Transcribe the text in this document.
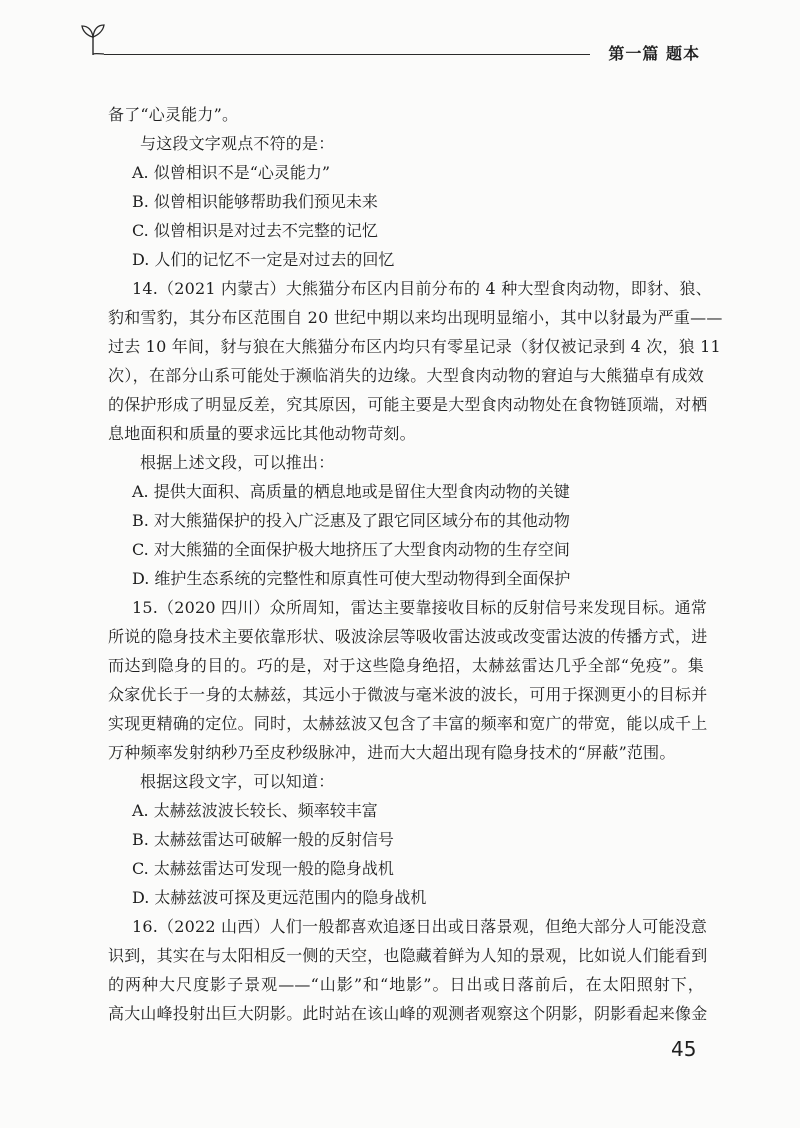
第一篇 题本

备了“心灵能力”。

与这段文字观点不符的是：

A. 似曾相识不是“心灵能力”
B. 似曾相识能够帮助我们预见未来
C. 似曾相识是对过去不完整的记忆
D. 人们的记忆不一定是对过去的回忆
14.（2021 内蒙古）大熊猫分布区内目前分布的 4 种大型食肉动物，即豺、狼、
豹和雪豹，其分布区范围自 20 世纪中期以来均出现明显缩小，其中以豺最为严重——
过去 10 年间，豺与狼在大熊猫分布区内均只有零星记录（豺仅被记录到 4 次，狼 11
次），在部分山系可能处于濒临消失的边缘。大型食肉动物的窘迫与大熊猫卓有成效
的保护形成了明显反差，究其原因，可能主要是大型食肉动物处在食物链顶端，对栖
息地面积和质量的要求远比其他动物苛刻。

根据上述文段，可以推出：

A. 提供大面积、高质量的栖息地或是留住大型食肉动物的关键
B. 对大熊猫保护的投入广泛惠及了跟它同区域分布的其他动物
C. 对大熊猫的全面保护极大地挤压了大型食肉动物的生存空间
D. 维护生态系统的完整性和原真性可使大型动物得到全面保护
15.（2020 四川）众所周知，雷达主要靠接收目标的反射信号来发现目标。通常
所说的隐身技术主要依靠形状、吸波涂层等吸收雷达波或改变雷达波的传播方式，进
而达到隐身的目的。巧的是，对于这些隐身绝招，太赫兹雷达几乎全部“免疫”。集
众家优长于一身的太赫兹，其远小于微波与毫米波的波长，可用于探测更小的目标并
实现更精确的定位。同时，太赫兹波又包含了丰富的频率和宽广的带宽，能以成千上
万种频率发射纳秒乃至皮秒级脉冲，进而大大超出现有隐身技术的“屏蔽”范围。

根据这段文字，可以知道：

A. 太赫兹波波长较长、频率较丰富
B. 太赫兹雷达可破解一般的反射信号
C. 太赫兹雷达可发现一般的隐身战机
D. 太赫兹波可探及更远范围内的隐身战机
16.（2022 山西）人们一般都喜欢追逐日出或日落景观，但绝大部分人可能没意
识到，其实在与太阳相反一侧的天空，也隐藏着鲜为人知的景观，比如说人们能看到
的两种大尺度影子景观——“山影”和“地影”。日出或日落前后，在太阳照射下，
高大山峰投射出巨大阴影。此时站在该山峰的观测者观察这个阴影，阴影看起来像金
45
